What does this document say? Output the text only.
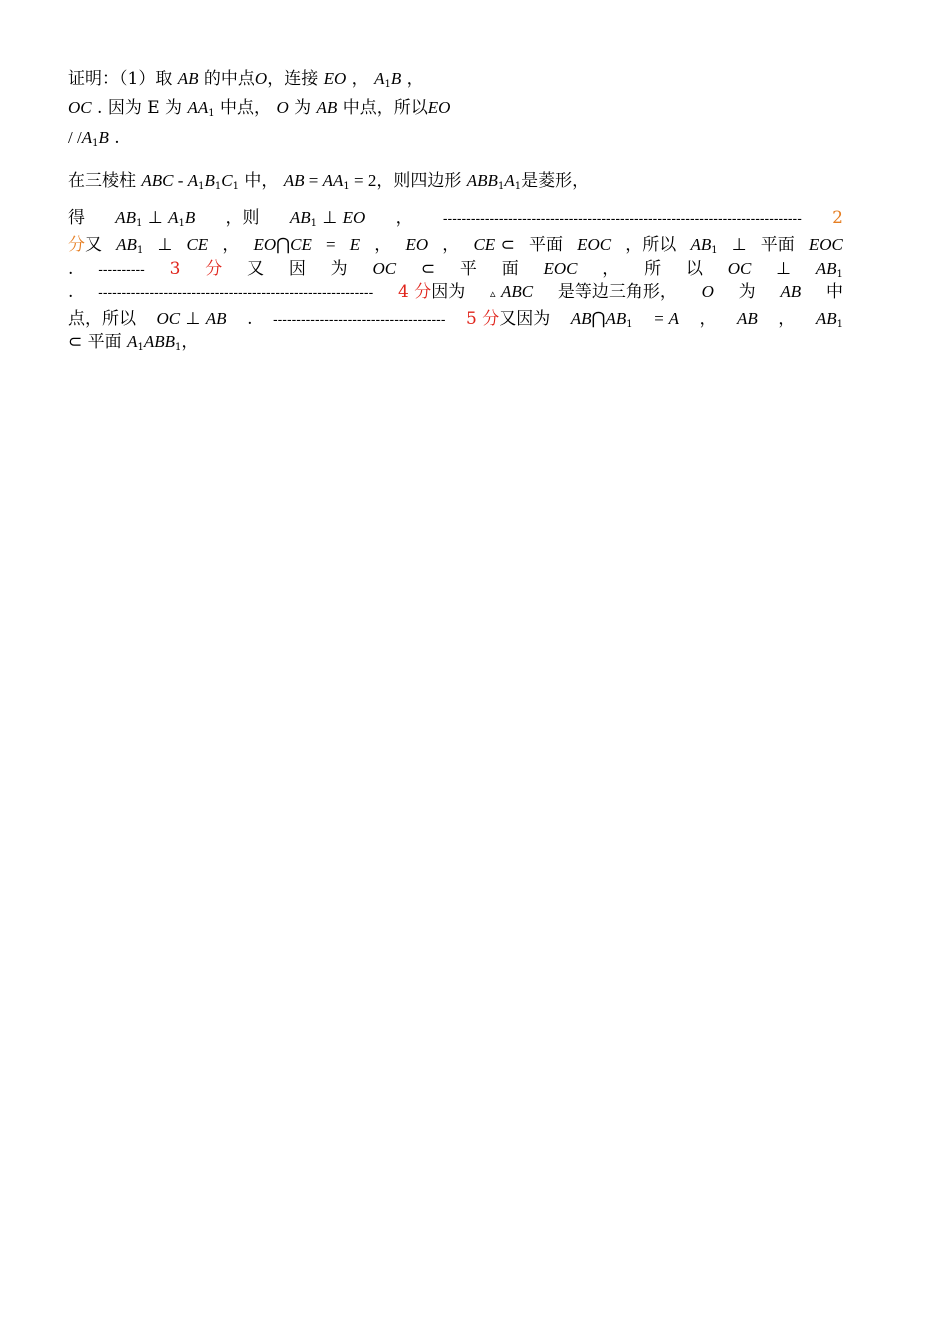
证明：（1）取 AB 的中点O，连接 EO ， $A_1B$ ，
OC . 因为 E 为 $AA_1$ 中点， O 为 AB 中点，所以EO
/ $/A_1B$ .
在三棱柱 ABC - $A_1B_1C_1$ 中， AB = $AA_1 = 2$，则四边形 $ABB_1A_1$是菱形，
得 $AB_1$ ⊥ $A_1B$ ，则 $AB_1$ ⊥ EO ， ----------------------------------------------------------------------------- 2
分又 $AB_1$ ⊥ CE ， EO⋂CE = E ， EO ， CE ⊂ 平面 EOC ，所以 $AB_1$ ⊥ 平面 EOC
. ---------- 3 分 又 因 为 OC ⊂ 平 面 EOC ， 所 以 OC ⊥ $AB_1$
. ----------------------------------------------------------- 4 分因为 ▵ ABC 是等边三角形， O 为 AB 中
点，所以 OC ⊥ AB . ------------------------------------- 5 分又因为 $AB⋂AB_1 = A$ ， AB ， $AB_1$
⊂ 平面 $A_1ABB_1$，
